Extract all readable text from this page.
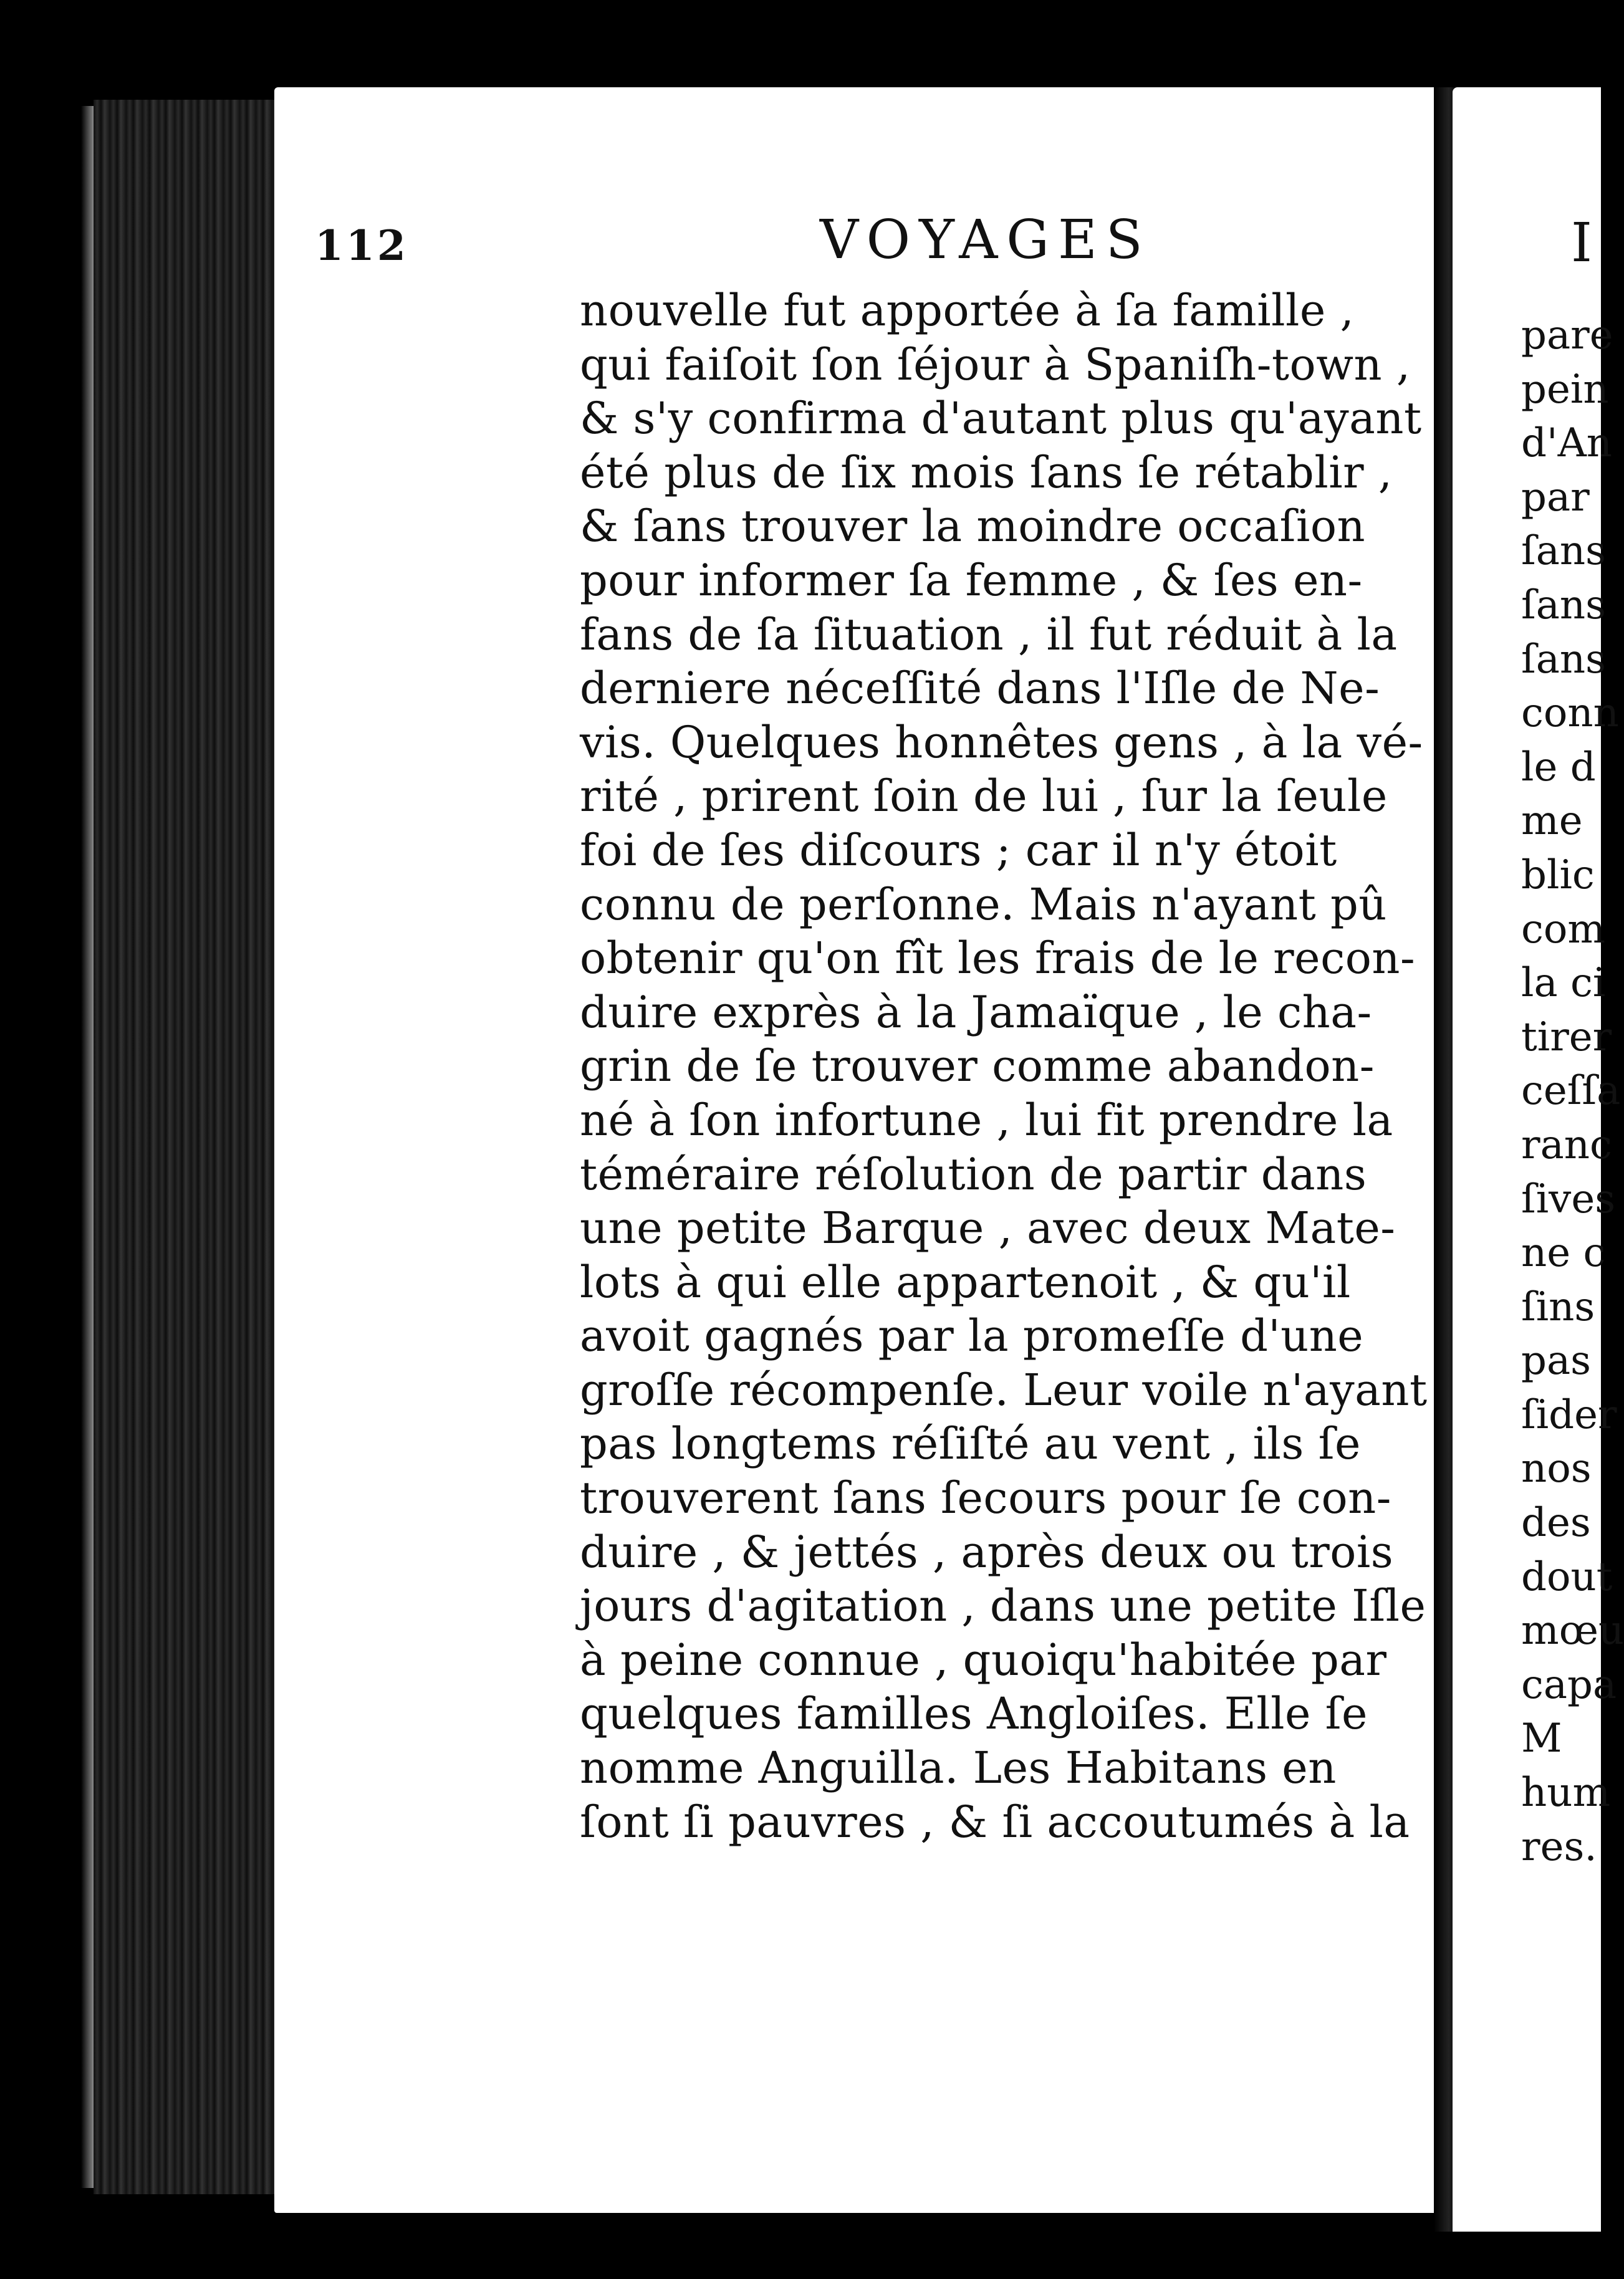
112	VOYAGES
nouvelle fut apportée à ſa famille ,
qui faiſoit ſon ſéjour à Spaniſh-town ,
& s'y confirma d'autant plus qu'ayant
été plus de ſix mois ſans ſe rétablir ,
& ſans trouver la moindre occaſion
pour informer ſa femme , & ſes en-
fans de ſa ſituation , il fut réduit à la
derniere néceſſité dans l'Iſle de Ne-
vis. Quelques honnêtes gens , à la vé-
rité , prirent ſoin de lui , ſur la ſeule
foi de ſes diſcours ; car il n'y étoit
connu de perſonne. Mais n'ayant pû
obtenir qu'on fît les frais de le recon-
duire exprès à la Jamaïque , le cha-
grin de ſe trouver comme abandon-
né à ſon infortune , lui fit prendre la
téméraire réſolution de partir dans
une petite Barque , avec deux Mate-
lots à qui elle appartenoit , & qu'il
avoit gagnés par la promeſſe d'une
groſſe récompenſe. Leur voile n'ayant
pas longtems réſiſté au vent , ils ſe
trouverent ſans ſecours pour ſe con-
duire , & jettés , après deux ou trois
jours d'agitation , dans une petite Iſle
à peine connue , quoiqu'habitée par
quelques familles Angloiſes. Elle ſe
nomme Anguilla. Les Habitans en
ſont ſi pauvres , & ſi accoutumés à la
I
pare
pein
d'An
par
ſans
ſans
ſans
conn
le d
me
blic
com
la ci
tirer
ceſſa
ranc
ſives
ne c
ſins
pas
ſider
nos
des
dout
mœu
capa
M
hum
res.
